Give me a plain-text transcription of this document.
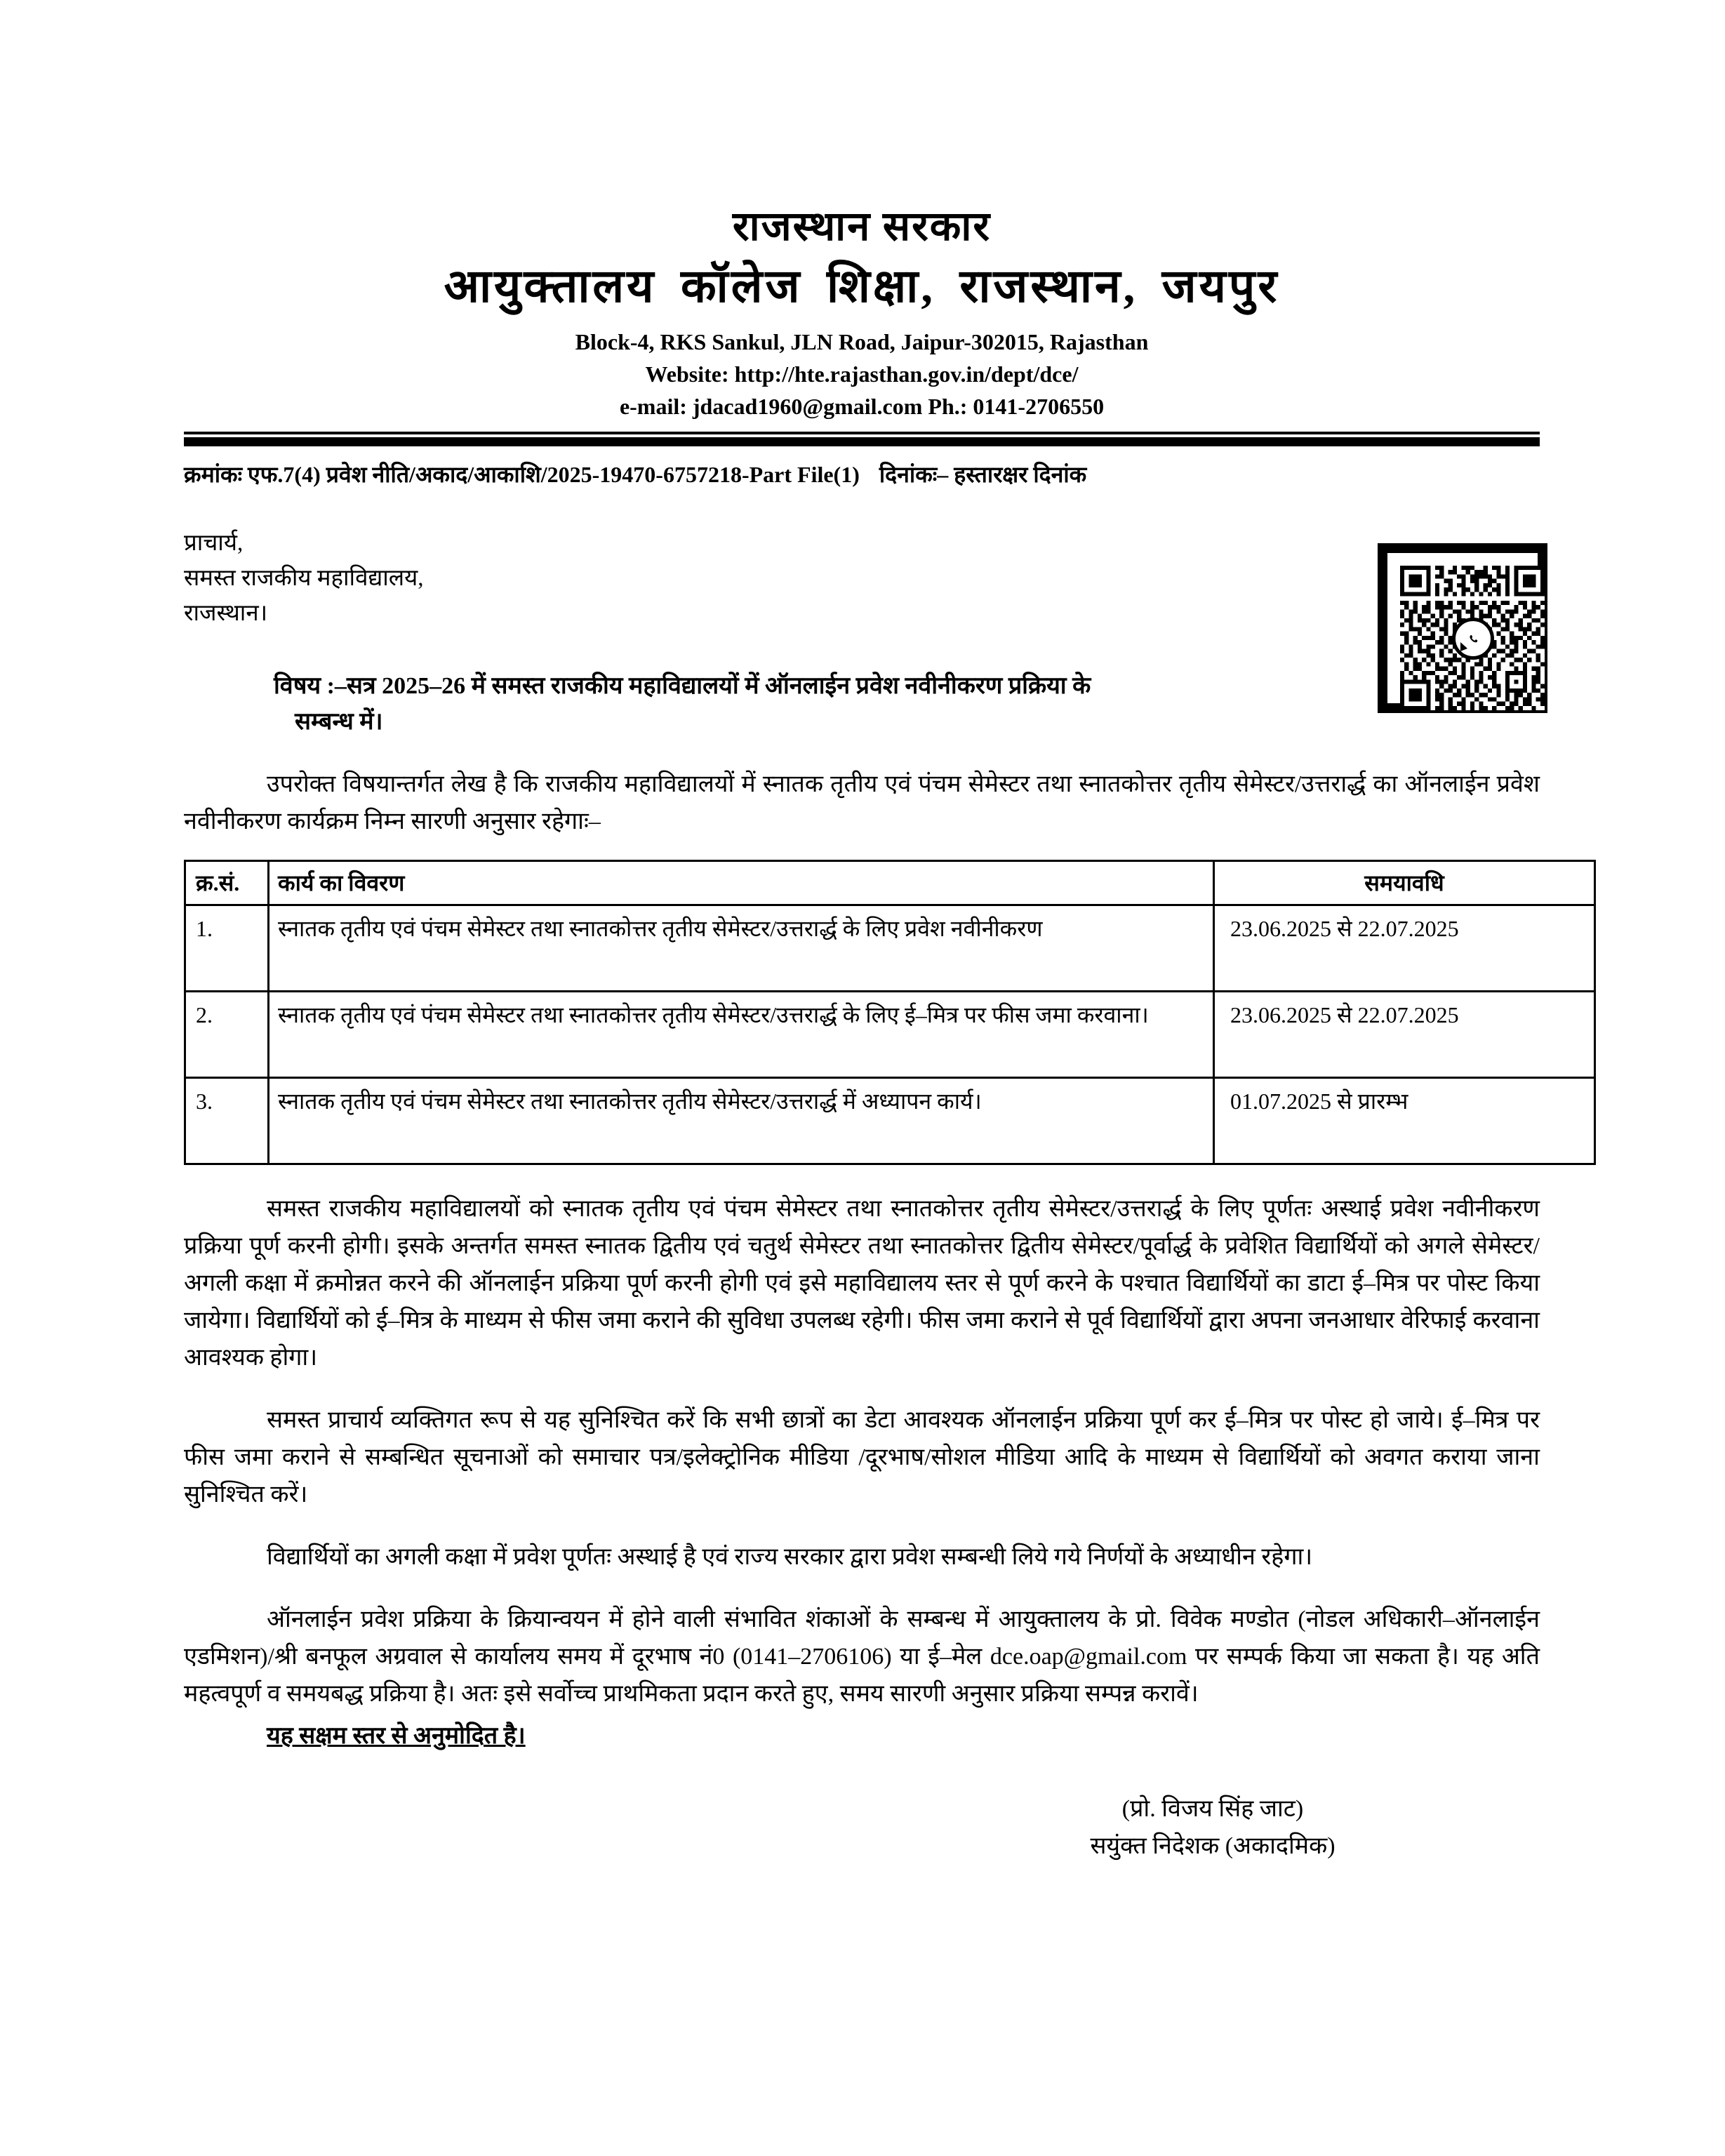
राजस्थान सरकार
आयुक्तालय कॉलेज शिक्षा, राजस्थान, जयपुर
Block-4, RKS Sankul, JLN Road, Jaipur-302015, Rajasthan
Website: http://hte.rajasthan.gov.in/dept/dce/
e-mail: jdacad1960@gmail.com Ph.: 0141-2706550
क्रमांकः एफ.7(4) प्रवेश नीति/अकाद/आकाशि/2025-19470-6757218-Part File(1) दिनांकः– हस्तारक्षर दिनांक
प्राचार्य,
समस्त राजकीय महाविद्यालय,
राजस्थान।
विषय :–सत्र 2025–26 में समस्त राजकीय महाविद्यालयों में ऑनलाईन प्रवेश नवीनीकरण प्रक्रिया के
सम्बन्ध में।
उपरोक्त विषयान्तर्गत लेख है कि राजकीय महाविद्यालयों में स्नातक तृतीय एवं पंचम सेमेस्टर तथा स्नातकोत्तर तृतीय सेमेस्टर/उत्तरार्द्ध का ऑनलाईन प्रवेश नवीनीकरण कार्यक्रम निम्न सारणी अनुसार रहेगाः–
क्र.सं.	कार्य का विवरण	समयावधि
1.	स्नातक तृतीय एवं पंचम सेमेस्टर तथा स्नातकोत्तर तृतीय सेमेस्टर/उत्तरार्द्ध के लिए प्रवेश नवीनीकरण	23.06.2025 से 22.07.2025
2.	स्नातक तृतीय एवं पंचम सेमेस्टर तथा स्नातकोत्तर तृतीय सेमेस्टर/उत्तरार्द्ध के लिए ई–मित्र पर फीस जमा करवाना।	23.06.2025 से 22.07.2025
3.	स्नातक तृतीय एवं पंचम सेमेस्टर तथा स्नातकोत्तर तृतीय सेमेस्टर/उत्तरार्द्ध में अध्यापन कार्य।	01.07.2025 से प्रारम्भ
समस्त राजकीय महाविद्यालयों को स्नातक तृतीय एवं पंचम सेमेस्टर तथा स्नातकोत्तर तृतीय सेमेस्टर/उत्तरार्द्ध के लिए पूर्णतः अस्थाई प्रवेश नवीनीकरण प्रक्रिया पूर्ण करनी होगी। इसके अन्तर्गत समस्त स्नातक द्वितीय एवं चतुर्थ सेमेस्टर तथा स्नातकोत्तर द्वितीय सेमेस्टर/पूर्वार्द्ध के प्रवेशित विद्यार्थियों को अगले सेमेस्टर/अगली कक्षा में क्रमोन्नत करने की ऑनलाईन प्रक्रिया पूर्ण करनी होगी एवं इसे महाविद्यालय स्तर से पूर्ण करने के पश्चात विद्यार्थियों का डाटा ई–मित्र पर पोस्ट किया जायेगा। विद्यार्थियों को ई–मित्र के माध्यम से फीस जमा कराने की सुविधा उपलब्ध रहेगी। फीस जमा कराने से पूर्व विद्यार्थियों द्वारा अपना जनआधार वेरिफाई करवाना आवश्यक होगा।
समस्त प्राचार्य व्यक्तिगत रूप से यह सुनिश्चित करें कि सभी छात्रों का डेटा आवश्यक ऑनलाईन प्रक्रिया पूर्ण कर ई–मित्र पर पोस्ट हो जाये। ई–मित्र पर फीस जमा कराने से सम्बन्धित सूचनाओं को समाचार पत्र/इलेक्ट्रोनिक मीडिया /दूरभाष/सोशल मीडिया आदि के माध्यम से विद्यार्थियों को अवगत कराया जाना सुनिश्चित करें।
विद्यार्थियों का अगली कक्षा में प्रवेश पूर्णतः अस्थाई है एवं राज्य सरकार द्वारा प्रवेश सम्बन्धी लिये गये निर्णयों के अध्याधीन रहेगा।
ऑनलाईन प्रवेश प्रक्रिया के क्रियान्वयन में होने वाली संभावित शंकाओं के सम्बन्ध में आयुक्तालय के प्रो. विवेक मण्डोत (नोडल अधिकारी–ऑनलाईन एडमिशन)/श्री बनफूल अग्रवाल से कार्यालय समय में दूरभाष नं0 (0141–2706106) या ई–मेल dce.oap@gmail.com पर सम्पर्क किया जा सकता है। यह अति महत्वपूर्ण व समयबद्ध प्रक्रिया है। अतः इसे सर्वोच्च प्राथमिकता प्रदान करते हुए, समय सारणी अनुसार प्रक्रिया सम्पन्न करावें।
यह सक्षम स्तर से अनुमोदित है।
(प्रो. विजय सिंह जाट)
सयुंक्त निदेशक (अकादमिक)
